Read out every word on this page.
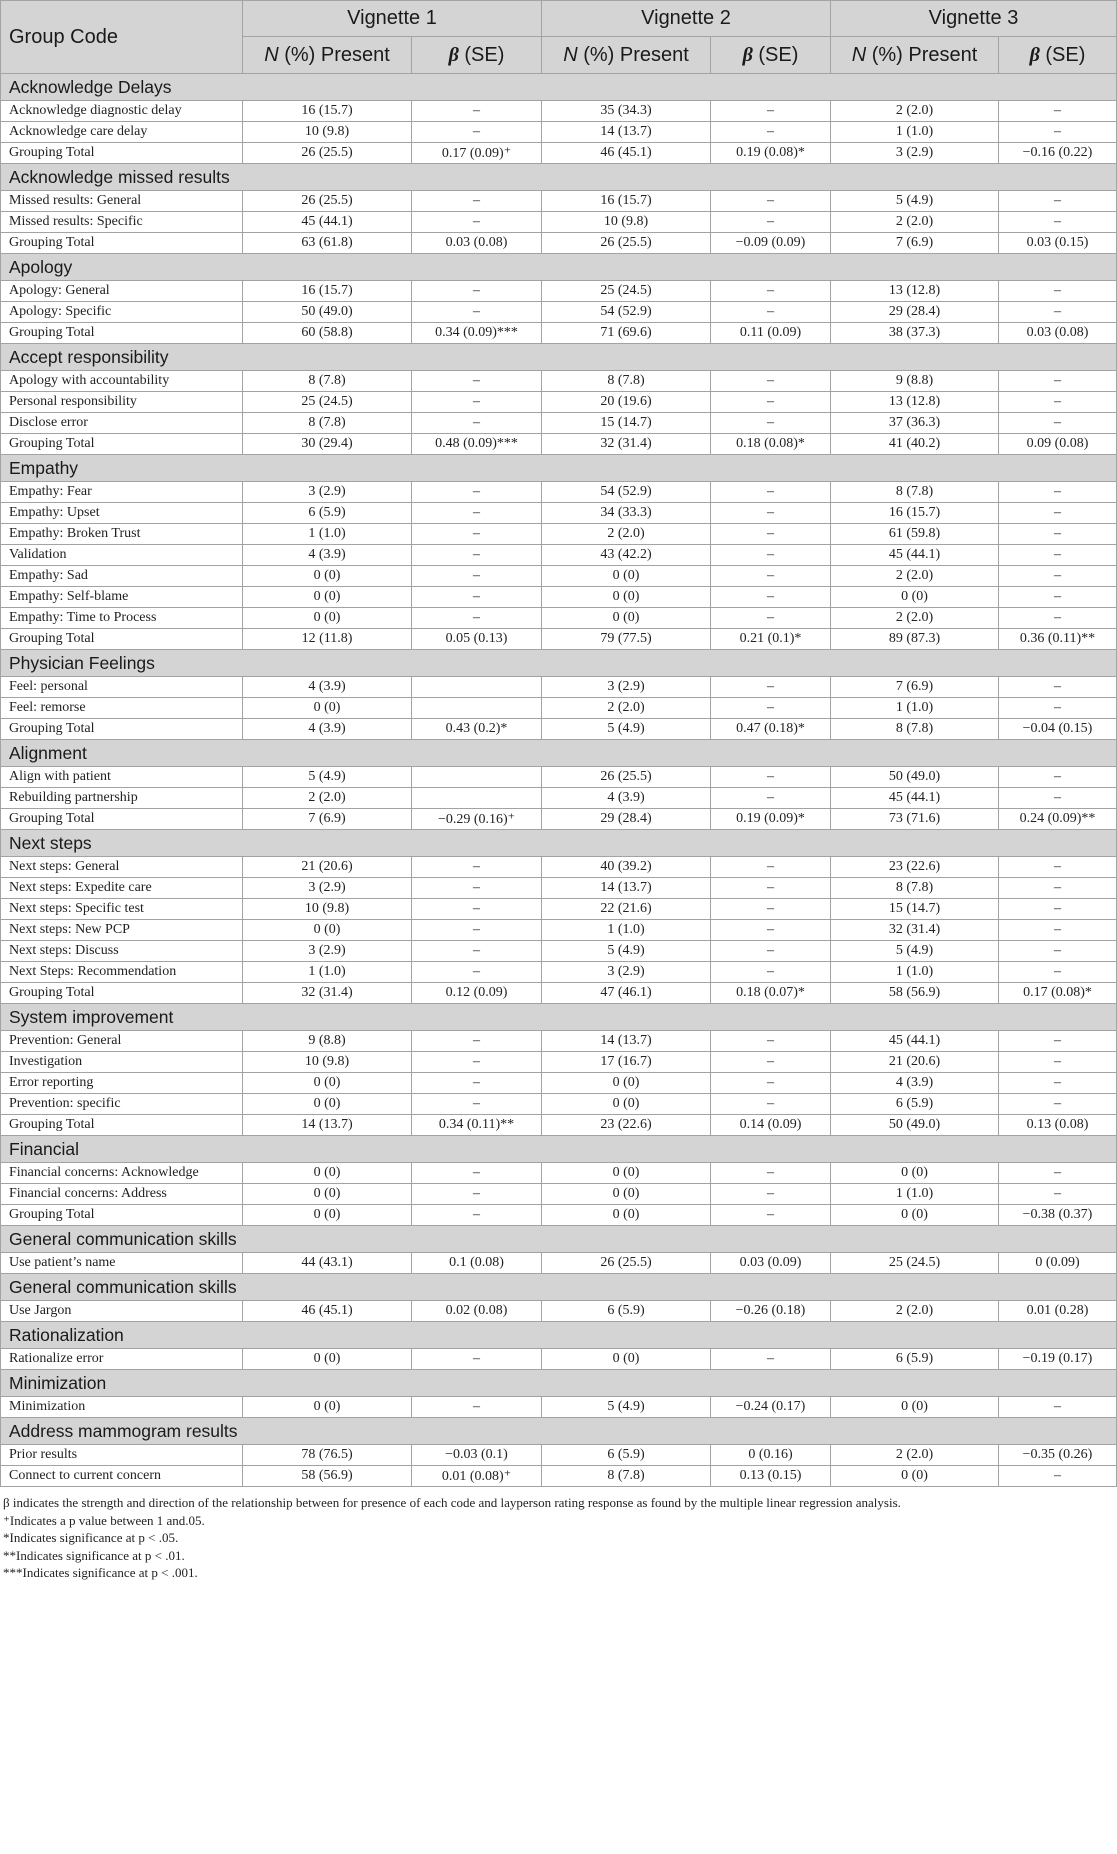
Group Code	Vignette 1		Vignette 2		Vignette 3	
	N (%) Present	β (SE)	N (%) Present	β (SE)	N (%) Present	β (SE)
Acknowledge Delays						
Acknowledge diagnostic delay	16 (15.7)	–	35 (34.3)	–	2 (2.0)	–
Acknowledge care delay	10 (9.8)	–	14 (13.7)	–	1 (1.0)	–
Grouping Total	26 (25.5)	0.17 (0.09)⁺	46 (45.1)	0.19 (0.08)*	3 (2.9)	−0.16 (0.22)
Acknowledge missed results						
Missed results: General	26 (25.5)	–	16 (15.7)	–	5 (4.9)	–
Missed results: Specific	45 (44.1)	–	10 (9.8)	–	2 (2.0)	–
Grouping Total	63 (61.8)	0.03 (0.08)	26 (25.5)	−0.09 (0.09)	7 (6.9)	0.03 (0.15)
Apology						
Apology: General	16 (15.7)	–	25 (24.5)	–	13 (12.8)	–
Apology: Specific	50 (49.0)	–	54 (52.9)	–	29 (28.4)	–
Grouping Total	60 (58.8)	0.34 (0.09)***	71 (69.6)	0.11 (0.09)	38 (37.3)	0.03 (0.08)
Accept responsibility						
Apology with accountability	8 (7.8)	–	8 (7.8)	–	9 (8.8)	–
Personal responsibility	25 (24.5)	–	20 (19.6)	–	13 (12.8)	–
Disclose error	8 (7.8)	–	15 (14.7)	–	37 (36.3)	–
Grouping Total	30 (29.4)	0.48 (0.09)***	32 (31.4)	0.18 (0.08)*	41 (40.2)	0.09 (0.08)
Empathy						
Empathy: Fear	3 (2.9)	–	54 (52.9)	–	8 (7.8)	–
Empathy: Upset	6 (5.9)	–	34 (33.3)	–	16 (15.7)	–
Empathy: Broken Trust	1 (1.0)	–	2 (2.0)	–	61 (59.8)	–
Validation	4 (3.9)	–	43 (42.2)	–	45 (44.1)	–
Empathy: Sad	0 (0)	–	0 (0)	–	2 (2.0)	–
Empathy: Self-blame	0 (0)	–	0 (0)	–	0 (0)	–
Empathy: Time to Process	0 (0)	–	0 (0)	–	2 (2.0)	–
Grouping Total	12 (11.8)	0.05 (0.13)	79 (77.5)	0.21 (0.1)*	89 (87.3)	0.36 (0.11)**
Physician Feelings						
Feel: personal	4 (3.9)		3 (2.9)	–	7 (6.9)	–
Feel: remorse	0 (0)		2 (2.0)	–	1 (1.0)	–
Grouping Total	4 (3.9)	0.43 (0.2)*	5 (4.9)	0.47 (0.18)*	8 (7.8)	−0.04 (0.15)
Alignment						
Align with patient	5 (4.9)		26 (25.5)	–	50 (49.0)	–
Rebuilding partnership	2 (2.0)		4 (3.9)	–	45 (44.1)	–
Grouping Total	7 (6.9)	−0.29 (0.16)⁺	29 (28.4)	0.19 (0.09)*	73 (71.6)	0.24 (0.09)**
Next steps						
Next steps: General	21 (20.6)	–	40 (39.2)	–	23 (22.6)	–
Next steps: Expedite care	3 (2.9)	–	14 (13.7)	–	8 (7.8)	–
Next steps: Specific test	10 (9.8)	–	22 (21.6)	–	15 (14.7)	–
Next steps: New PCP	0 (0)	–	1 (1.0)	–	32 (31.4)	–
Next steps: Discuss	3 (2.9)	–	5 (4.9)	–	5 (4.9)	–
Next Steps: Recommendation	1 (1.0)	–	3 (2.9)	–	1 (1.0)	–
Grouping Total	32 (31.4)	0.12 (0.09)	47 (46.1)	0.18 (0.07)*	58 (56.9)	0.17 (0.08)*
System improvement						
Prevention: General	9 (8.8)	–	14 (13.7)	–	45 (44.1)	–
Investigation	10 (9.8)	–	17 (16.7)	–	21 (20.6)	–
Error reporting	0 (0)	–	0 (0)	–	4 (3.9)	–
Prevention: specific	0 (0)	–	0 (0)	–	6 (5.9)	–
Grouping Total	14 (13.7)	0.34 (0.11)**	23 (22.6)	0.14 (0.09)	50 (49.0)	0.13 (0.08)
Financial						
Financial concerns: Acknowledge	0 (0)	–	0 (0)	–	0 (0)	–
Financial concerns: Address	0 (0)	–	0 (0)	–	1 (1.0)	–
Grouping Total	0 (0)	–	0 (0)	–	0 (0)	−0.38 (0.37)
General communication skills						
Use patient’s name	44 (43.1)	0.1 (0.08)	26 (25.5)	0.03 (0.09)	25 (24.5)	0 (0.09)
General communication skills						
Use Jargon	46 (45.1)	0.02 (0.08)	6 (5.9)	−0.26 (0.18)	2 (2.0)	0.01 (0.28)
Rationalization						
Rationalize error	0 (0)	–	0 (0)	–	6 (5.9)	−0.19 (0.17)
Minimization						
Minimization	0 (0)	–	5 (4.9)	−0.24 (0.17)	0 (0)	–
Address mammogram results						
Prior results	78 (76.5)	−0.03 (0.1)	6 (5.9)	0 (0.16)	2 (2.0)	−0.35 (0.26)
Connect to current concern	58 (56.9)	0.01 (0.08)⁺	8 (7.8)	0.13 (0.15)	0 (0)	–
β indicates the strength and direction of the relationship between for presence of each code and layperson rating response as found by the multiple linear regression analysis.
⁺Indicates a p value between 1 and.05.
*Indicates significance at p < .05.
**Indicates significance at p < .01.
***Indicates significance at p < .001.
